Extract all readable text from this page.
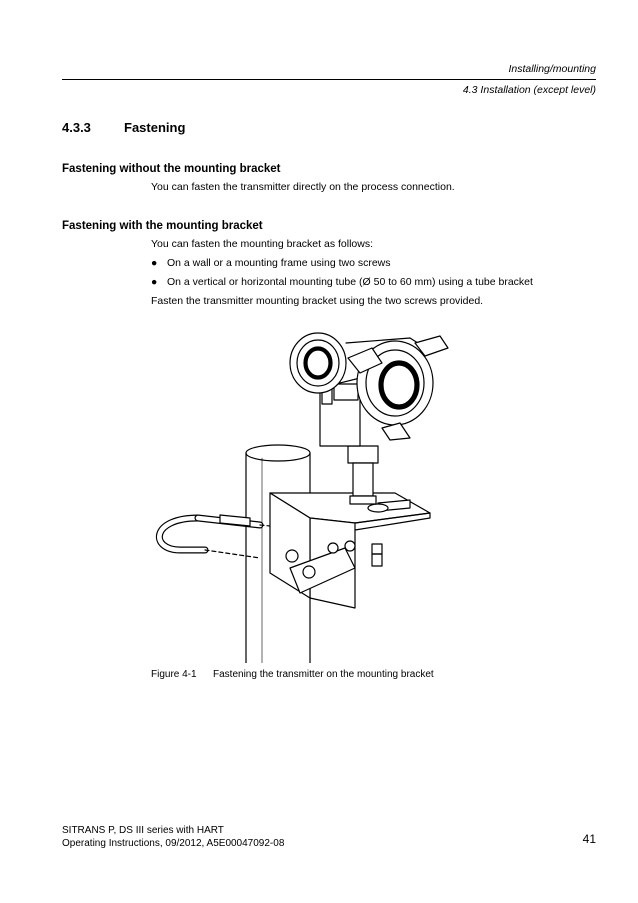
Installing/mounting
4.3 Installation (except level)
4.3.3	Fastening
Fastening without the mounting bracket
You can fasten the transmitter directly on the process connection.
Fastening with the mounting bracket
You can fasten the mounting bracket as follows:
● On a wall or a mounting frame using two screws
● On a vertical or horizontal mounting tube (Ø 50 to 60 mm) using a tube bracket
Fasten the transmitter mounting bracket using the two screws provided.
Figure 4-1 Fastening the transmitter on the mounting bracket
SITRANS P, DS III series with HART
Operating Instructions, 09/2012, A5E00047092-08	41
